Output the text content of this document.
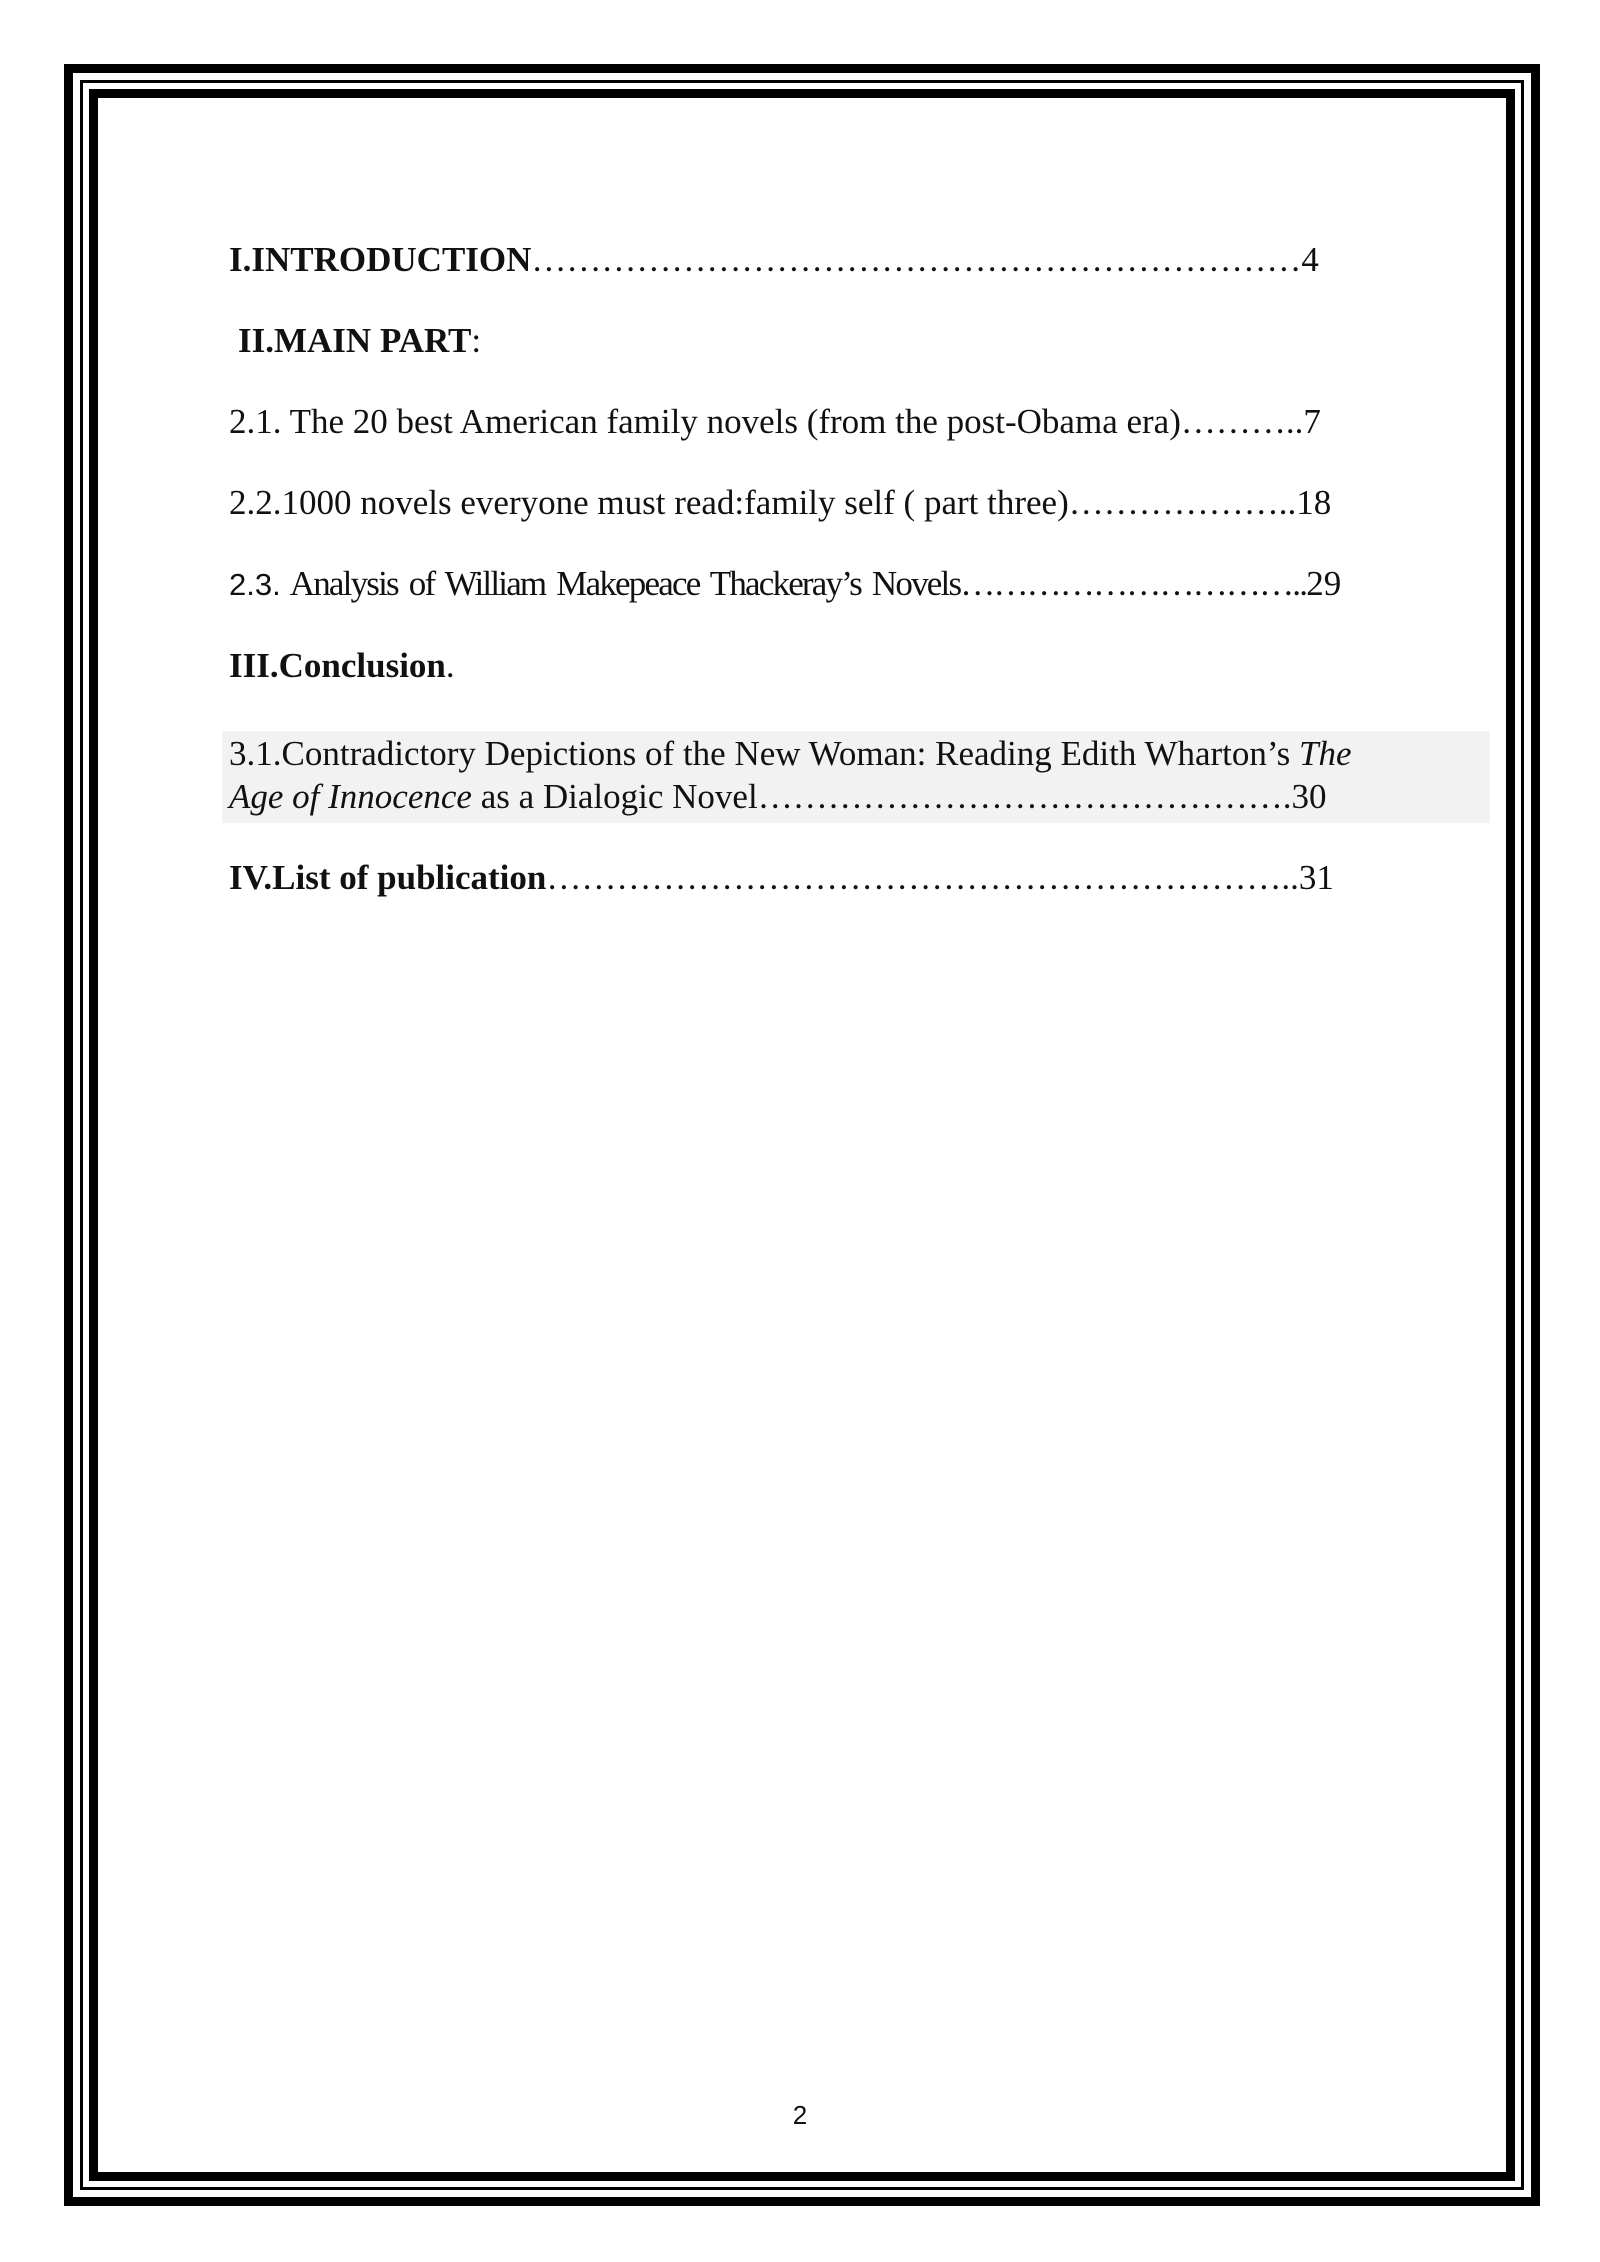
I.INTRODUCTION…………………………………………………………4
II.MAIN PART:
2.1. The 20 best American family novels (from the post-Obama era)………..7
2.2.1000 novels everyone must read:family self ( part three)………………..18
2.3. Analysis of William Makepeace Thackeray’s Novels…………………………..29
III.Conclusion.
3.1.Contradictory Depictions of the New Woman: Reading Edith Wharton’s The
Age of Innocence as a Dialogic Novel……………………………………….30
IV.List of publication………………………………………………………..31
2
